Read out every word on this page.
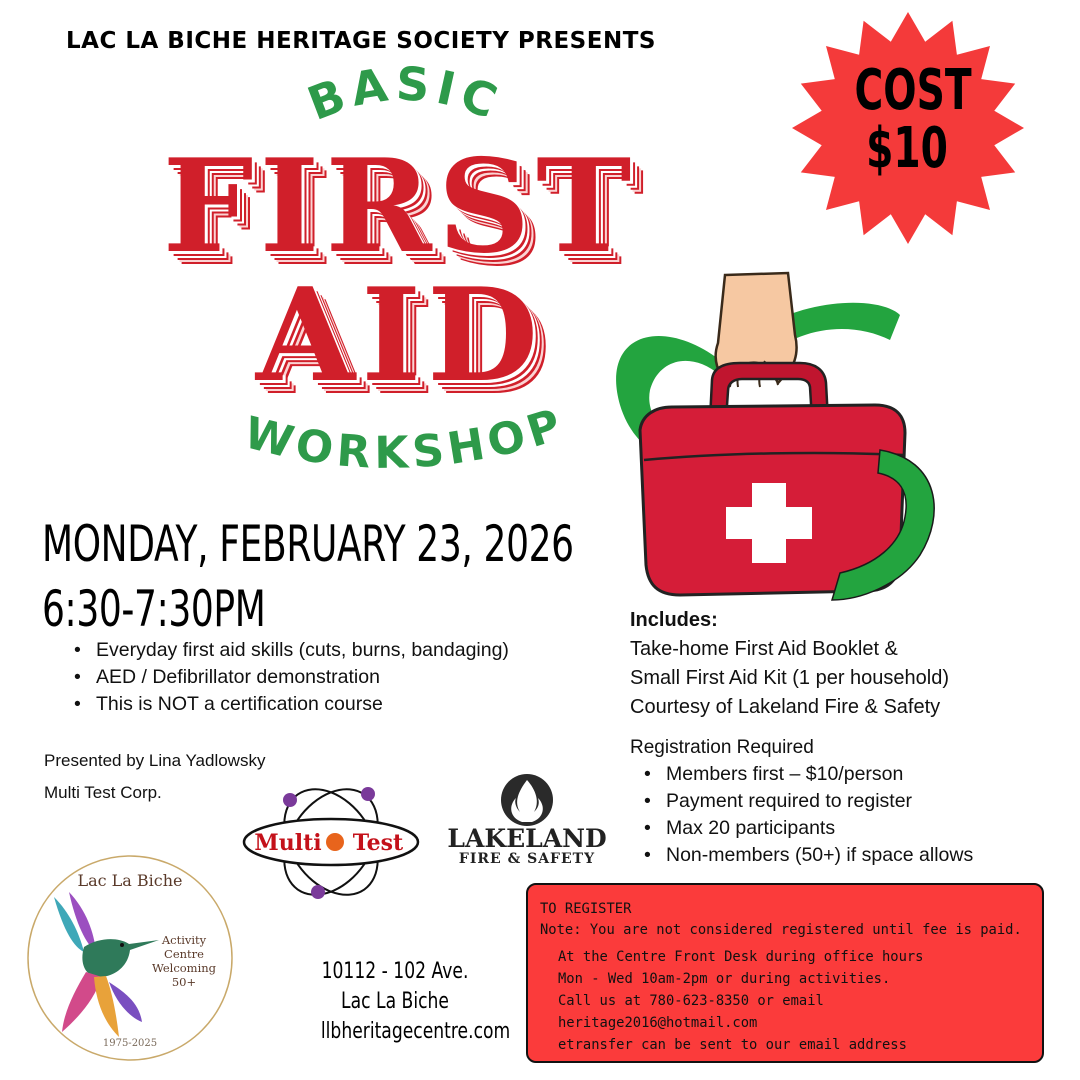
LAC LA BICHE HERITAGE SOCIETY PRESENTS
BASIC
WORKSHOP
FIRST
AID
COST
$10
MONDAY, FEBRUARY 23, 2026
6:30-7:30PM
• Everyday first aid skills (cuts, burns, bandaging)
• AED / Defibrillator demonstration
• This is NOT a certification course
Presented by Lina Yadlowsky
Multi Test Corp.
Includes:
Take-home First Aid Booklet &
Small First Aid Kit (1 per household)
Courtesy of Lakeland Fire & Safety
Registration Required
• Members first – $10/person
• Payment required to register
• Max 20 participants
• Non-members (50+) if space allows
Multi Test LAKELAND
FIRE & SAFETY
Lac La Biche
Activity
Centre
Welcoming
50+
1975-2025
10112 - 102 Ave.
Lac La Biche
llbheritagecentre.com
TO REGISTER
Note: You are not considered registered until fee is paid.
At the Centre Front Desk during office hours
Mon - Wed 10am-2pm or during activities.
Call us at 780-623-8350 or email
heritage2016@hotmail.com
etransfer can be sent to our email address
